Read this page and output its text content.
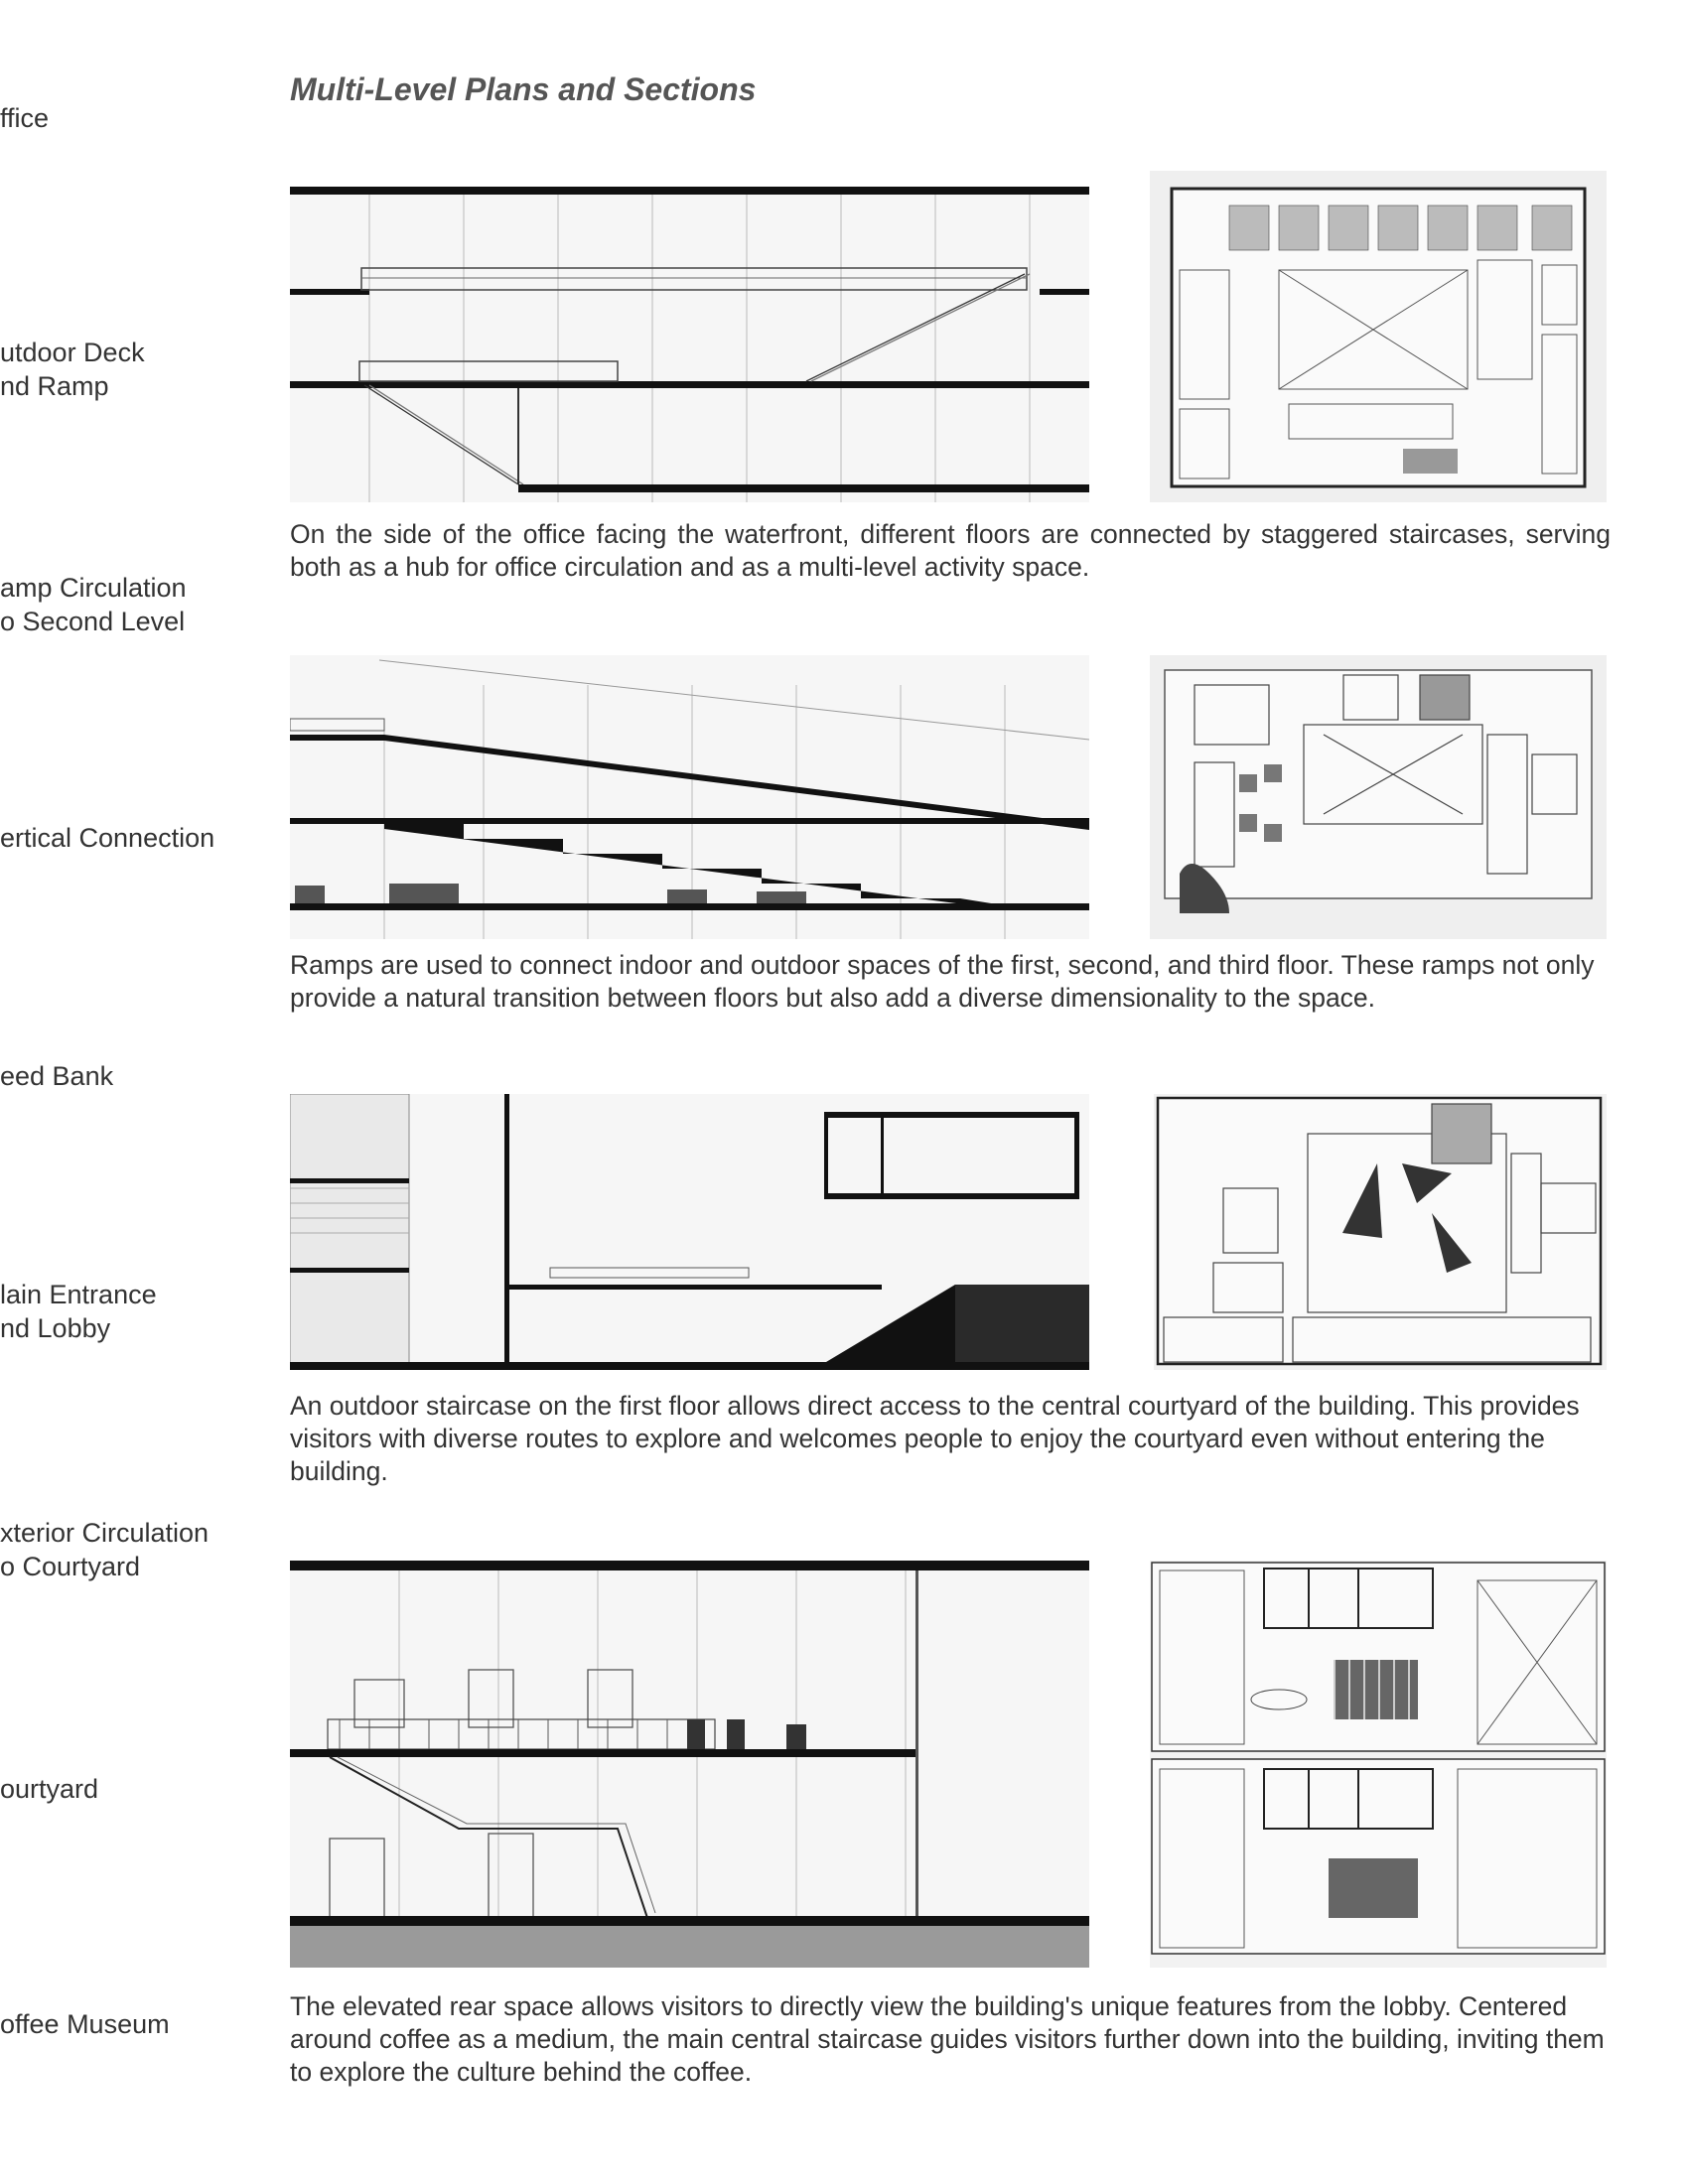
ffice
utdoor Deck
nd Ramp
amp Circulation
o Second Level
ertical Connection
eed Bank
lain Entrance
nd Lobby
xterior Circulation
o Courtyard
ourtyard
offee Museum
Multi-Level Plans and Sections
On the side of the office facing the waterfront, different floors are connected by staggered staircases, serving both as a hub for office circulation and as a multi-level activity space.
Ramps are used to connect indoor and outdoor spaces of the first, second, and third floor. These ramps not only provide a natural transition between floors but also add a diverse dimensionality to the space.
An outdoor staircase on the first floor allows direct access to the central courtyard of the building. This provides visitors with diverse routes to explore and welcomes people to enjoy the courtyard even without entering the building.
The elevated rear space allows visitors to directly view the building's unique features from the lobby. Centered around coffee as a medium, the main central staircase guides visitors further down into the building, inviting them to explore the culture behind the coffee.
